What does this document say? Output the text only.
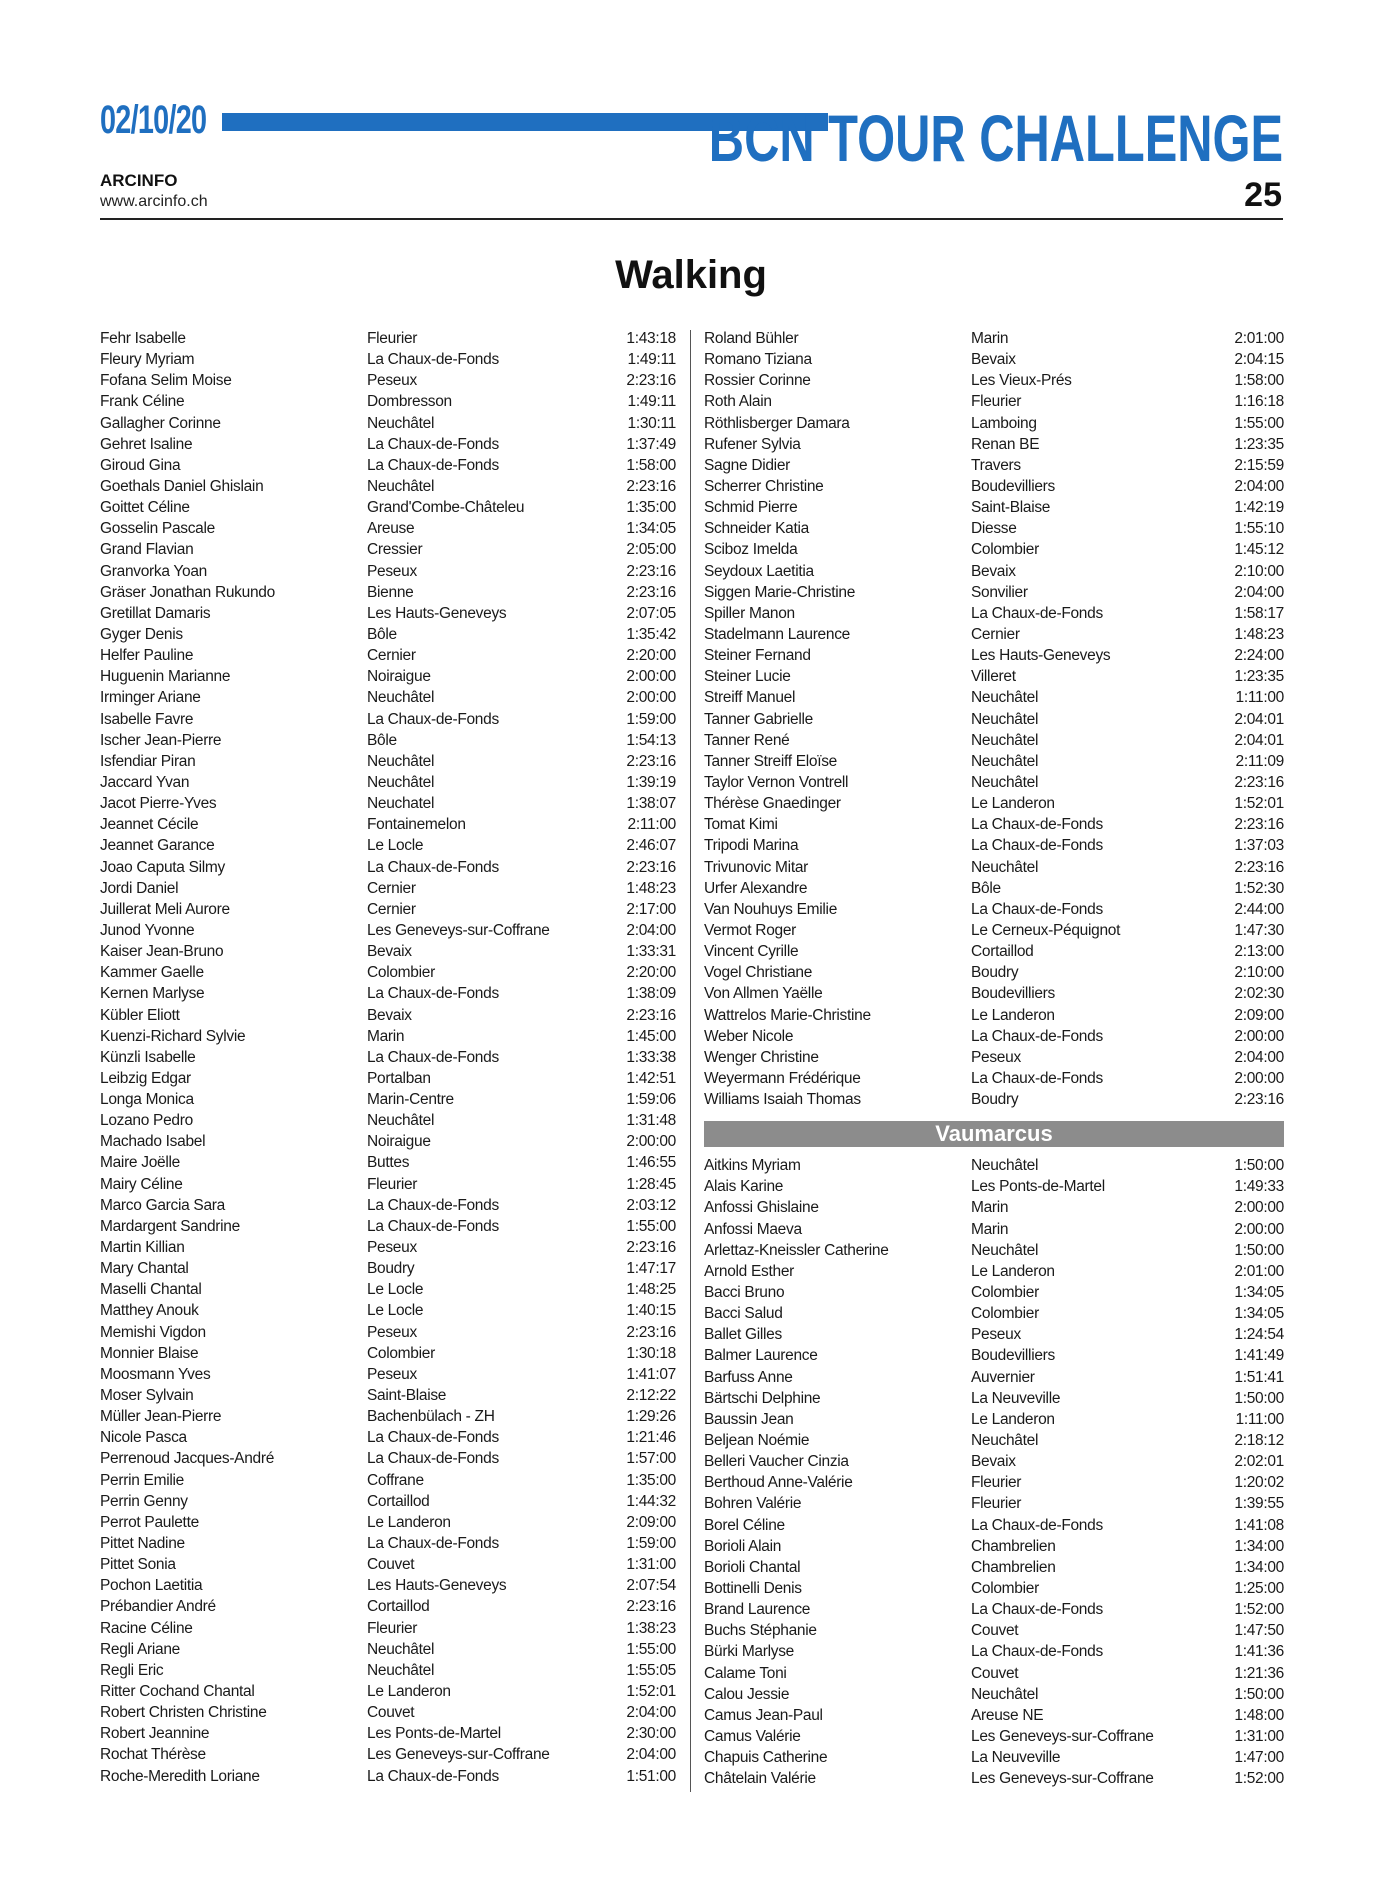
02/10/20	BCN TOUR CHALLENGE
ARCINFO
www.arcinfo.ch	25
Walking
Fehr Isabelle	Fleurier	1:43:18
Fleury Myriam	La Chaux-de-Fonds	1:49:11
Fofana Selim Moise	Peseux	2:23:16
Frank Céline	Dombresson	1:49:11
Gallagher Corinne	Neuchâtel	1:30:11
Gehret Isaline	La Chaux-de-Fonds	1:37:49
Giroud Gina	La Chaux-de-Fonds	1:58:00
Goethals Daniel Ghislain	Neuchâtel	2:23:16
Goittet Céline	Grand'Combe-Châteleu	1:35:00
Gosselin Pascale	Areuse	1:34:05
Grand Flavian	Cressier	2:05:00
Granvorka Yoan	Peseux	2:23:16
Gräser Jonathan Rukundo	Bienne	2:23:16
Gretillat Damaris	Les Hauts-Geneveys	2:07:05
Gyger Denis	Bôle	1:35:42
Helfer Pauline	Cernier	2:20:00
Huguenin Marianne	Noiraigue	2:00:00
Irminger Ariane	Neuchâtel	2:00:00
Isabelle Favre	La Chaux-de-Fonds	1:59:00
Ischer Jean-Pierre	Bôle	1:54:13
Isfendiar Piran	Neuchâtel	2:23:16
Jaccard Yvan	Neuchâtel	1:39:19
Jacot Pierre-Yves	Neuchatel	1:38:07
Jeannet Cécile	Fontainemelon	2:11:00
Jeannet Garance	Le Locle	2:46:07
Joao Caputa Silmy	La Chaux-de-Fonds	2:23:16
Jordi Daniel	Cernier	1:48:23
Juillerat Meli Aurore	Cernier	2:17:00
Junod Yvonne	Les Geneveys-sur-Coffrane	2:04:00
Kaiser Jean-Bruno	Bevaix	1:33:31
Kammer Gaelle	Colombier	2:20:00
Kernen Marlyse	La Chaux-de-Fonds	1:38:09
Kübler Eliott	Bevaix	2:23:16
Kuenzi-Richard Sylvie	Marin	1:45:00
Künzli Isabelle	La Chaux-de-Fonds	1:33:38
Leibzig Edgar	Portalban	1:42:51
Longa Monica	Marin-Centre	1:59:06
Lozano Pedro	Neuchâtel	1:31:48
Machado Isabel	Noiraigue	2:00:00
Maire Joëlle	Buttes	1:46:55
Mairy Céline	Fleurier	1:28:45
Marco Garcia Sara	La Chaux-de-Fonds	2:03:12
Mardargent Sandrine	La Chaux-de-Fonds	1:55:00
Martin Killian	Peseux	2:23:16
Mary Chantal	Boudry	1:47:17
Maselli Chantal	Le Locle	1:48:25
Matthey Anouk	Le Locle	1:40:15
Memishi Vigdon	Peseux	2:23:16
Monnier Blaise	Colombier	1:30:18
Moosmann Yves	Peseux	1:41:07
Moser Sylvain	Saint-Blaise	2:12:22
Müller Jean-Pierre	Bachenbülach - ZH	1:29:26
Nicole Pasca	La Chaux-de-Fonds	1:21:46
Perrenoud Jacques-André	La Chaux-de-Fonds	1:57:00
Perrin Emilie	Coffrane	1:35:00
Perrin Genny	Cortaillod	1:44:32
Perrot Paulette	Le Landeron	2:09:00
Pittet Nadine	La Chaux-de-Fonds	1:59:00
Pittet Sonia	Couvet	1:31:00
Pochon Laetitia	Les Hauts-Geneveys	2:07:54
Prébandier André	Cortaillod	2:23:16
Racine Céline	Fleurier	1:38:23
Regli Ariane	Neuchâtel	1:55:00
Regli Eric	Neuchâtel	1:55:05
Ritter Cochand Chantal	Le Landeron	1:52:01
Robert Christen Christine	Couvet	2:04:00
Robert Jeannine	Les Ponts-de-Martel	2:30:00
Rochat Thérèse	Les Geneveys-sur-Coffrane	2:04:00
Roche-Meredith Loriane	La Chaux-de-Fonds	1:51:00
Roland Bühler	Marin	2:01:00
Romano Tiziana	Bevaix	2:04:15
Rossier Corinne	Les Vieux-Prés	1:58:00
Roth Alain	Fleurier	1:16:18
Röthlisberger Damara	Lamboing	1:55:00
Rufener Sylvia	Renan BE	1:23:35
Sagne Didier	Travers	2:15:59
Scherrer Christine	Boudevilliers	2:04:00
Schmid Pierre	Saint-Blaise	1:42:19
Schneider Katia	Diesse	1:55:10
Sciboz Imelda	Colombier	1:45:12
Seydoux Laetitia	Bevaix	2:10:00
Siggen Marie-Christine	Sonvilier	2:04:00
Spiller Manon	La Chaux-de-Fonds	1:58:17
Stadelmann Laurence	Cernier	1:48:23
Steiner Fernand	Les Hauts-Geneveys	2:24:00
Steiner Lucie	Villeret	1:23:35
Streiff Manuel	Neuchâtel	1:11:00
Tanner Gabrielle	Neuchâtel	2:04:01
Tanner René	Neuchâtel	2:04:01
Tanner Streiff Eloïse	Neuchâtel	2:11:09
Taylor Vernon Vontrell	Neuchâtel	2:23:16
Thérèse Gnaedinger	Le Landeron	1:52:01
Tomat Kimi	La Chaux-de-Fonds	2:23:16
Tripodi Marina	La Chaux-de-Fonds	1:37:03
Trivunovic Mitar	Neuchâtel	2:23:16
Urfer Alexandre	Bôle	1:52:30
Van Nouhuys Emilie	La Chaux-de-Fonds	2:44:00
Vermot Roger	Le Cerneux-Péquignot	1:47:30
Vincent Cyrille	Cortaillod	2:13:00
Vogel Christiane	Boudry	2:10:00
Von Allmen Yaëlle	Boudevilliers	2:02:30
Wattrelos Marie-Christine	Le Landeron	2:09:00
Weber Nicole	La Chaux-de-Fonds	2:00:00
Wenger Christine	Peseux	2:04:00
Weyermann Frédérique	La Chaux-de-Fonds	2:00:00
Williams Isaiah Thomas	Boudry	2:23:16
Vaumarcus
Aitkins Myriam	Neuchâtel	1:50:00
Alais Karine	Les Ponts-de-Martel	1:49:33
Anfossi Ghislaine	Marin	2:00:00
Anfossi Maeva	Marin	2:00:00
Arlettaz-Kneissler Catherine	Neuchâtel	1:50:00
Arnold Esther	Le Landeron	2:01:00
Bacci Bruno	Colombier	1:34:05
Bacci Salud	Colombier	1:34:05
Ballet Gilles	Peseux	1:24:54
Balmer Laurence	Boudevilliers	1:41:49
Barfuss Anne	Auvernier	1:51:41
Bärtschi Delphine	La Neuveville	1:50:00
Baussin Jean	Le Landeron	1:11:00
Beljean Noémie	Neuchâtel	2:18:12
Belleri Vaucher Cinzia	Bevaix	2:02:01
Berthoud Anne-Valérie	Fleurier	1:20:02
Bohren Valérie	Fleurier	1:39:55
Borel Céline	La Chaux-de-Fonds	1:41:08
Borioli Alain	Chambrelien	1:34:00
Borioli Chantal	Chambrelien	1:34:00
Bottinelli Denis	Colombier	1:25:00
Brand Laurence	La Chaux-de-Fonds	1:52:00
Buchs Stéphanie	Couvet	1:47:50
Bürki Marlyse	La Chaux-de-Fonds	1:41:36
Calame Toni	Couvet	1:21:36
Calou Jessie	Neuchâtel	1:50:00
Camus Jean-Paul	Areuse NE	1:48:00
Camus Valérie	Les Geneveys-sur-Coffrane	1:31:00
Chapuis Catherine	La Neuveville	1:47:00
Châtelain Valérie	Les Geneveys-sur-Coffrane	1:52:00
